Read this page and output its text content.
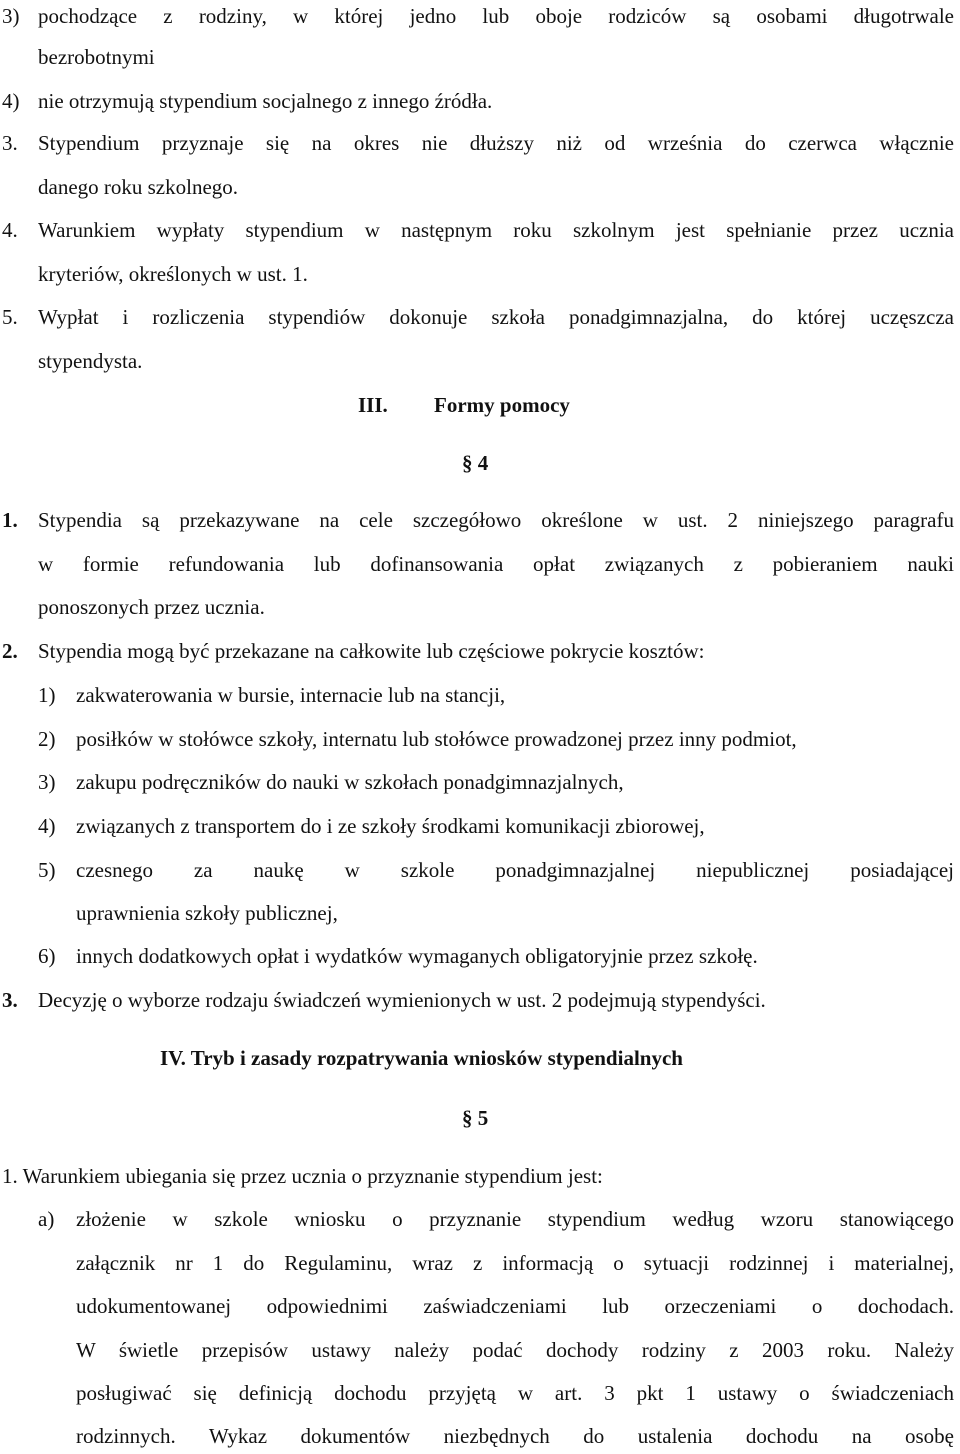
3) pochodzące z rodziny, w której jedno lub oboje rodziców są osobami długotrwale
bezrobotnymi
4) nie otrzymują stypendium socjalnego z innego źródła.
3. Stypendium przyznaje się na okres nie dłuższy niż od września do czerwca włącznie
danego roku szkolnego.
4. Warunkiem wypłaty stypendium w następnym roku szkolnym jest spełnianie przez ucznia
kryteriów, określonych w ust. 1.
5. Wypłat i rozliczenia stypendiów dokonuje szkoła ponadgimnazjalna, do której uczęszcza
stypendysta.
III. Formy pomocy
§ 4
1. Stypendia są przekazywane na cele szczegółowo określone w ust. 2 niniejszego paragrafu
w formie refundowania lub dofinansowania opłat związanych z pobieraniem nauki
ponoszonych przez ucznia.
2. Stypendia mogą być przekazane na całkowite lub częściowe pokrycie kosztów:
1) zakwaterowania w bursie, internacie lub na stancji,
2) posiłków w stołówce szkoły, internatu lub stołówce prowadzonej przez inny podmiot,
3) zakupu podręczników do nauki w szkołach ponadgimnazjalnych,
4) związanych z transportem do i ze szkoły środkami komunikacji zbiorowej,
5) czesnego za naukę w szkole ponadgimnazjalnej niepublicznej posiadającej
uprawnienia szkoły publicznej,
6) innych dodatkowych opłat i wydatków wymaganych obligatoryjnie przez szkołę.
3. Decyzję o wyborze rodzaju świadczeń wymienionych w ust. 2 podejmują stypendyści.
IV. Tryb i zasady rozpatrywania wniosków stypendialnych
§ 5
1. Warunkiem ubiegania się przez ucznia o przyznanie stypendium jest:
a) złożenie w szkole wniosku o przyznanie stypendium według wzoru stanowiącego
załącznik nr 1 do Regulaminu, wraz z informacją o sytuacji rodzinnej i materialnej,
udokumentowanej odpowiednimi zaświadczeniami lub orzeczeniami o dochodach.
W świetle przepisów ustawy należy podać dochody rodziny z 2003 roku. Należy
posługiwać się definicją dochodu przyjętą w art. 3 pkt 1 ustawy o świadczeniach
rodzinnych. Wykaz dokumentów niezbędnych do ustalenia dochodu na osobę
